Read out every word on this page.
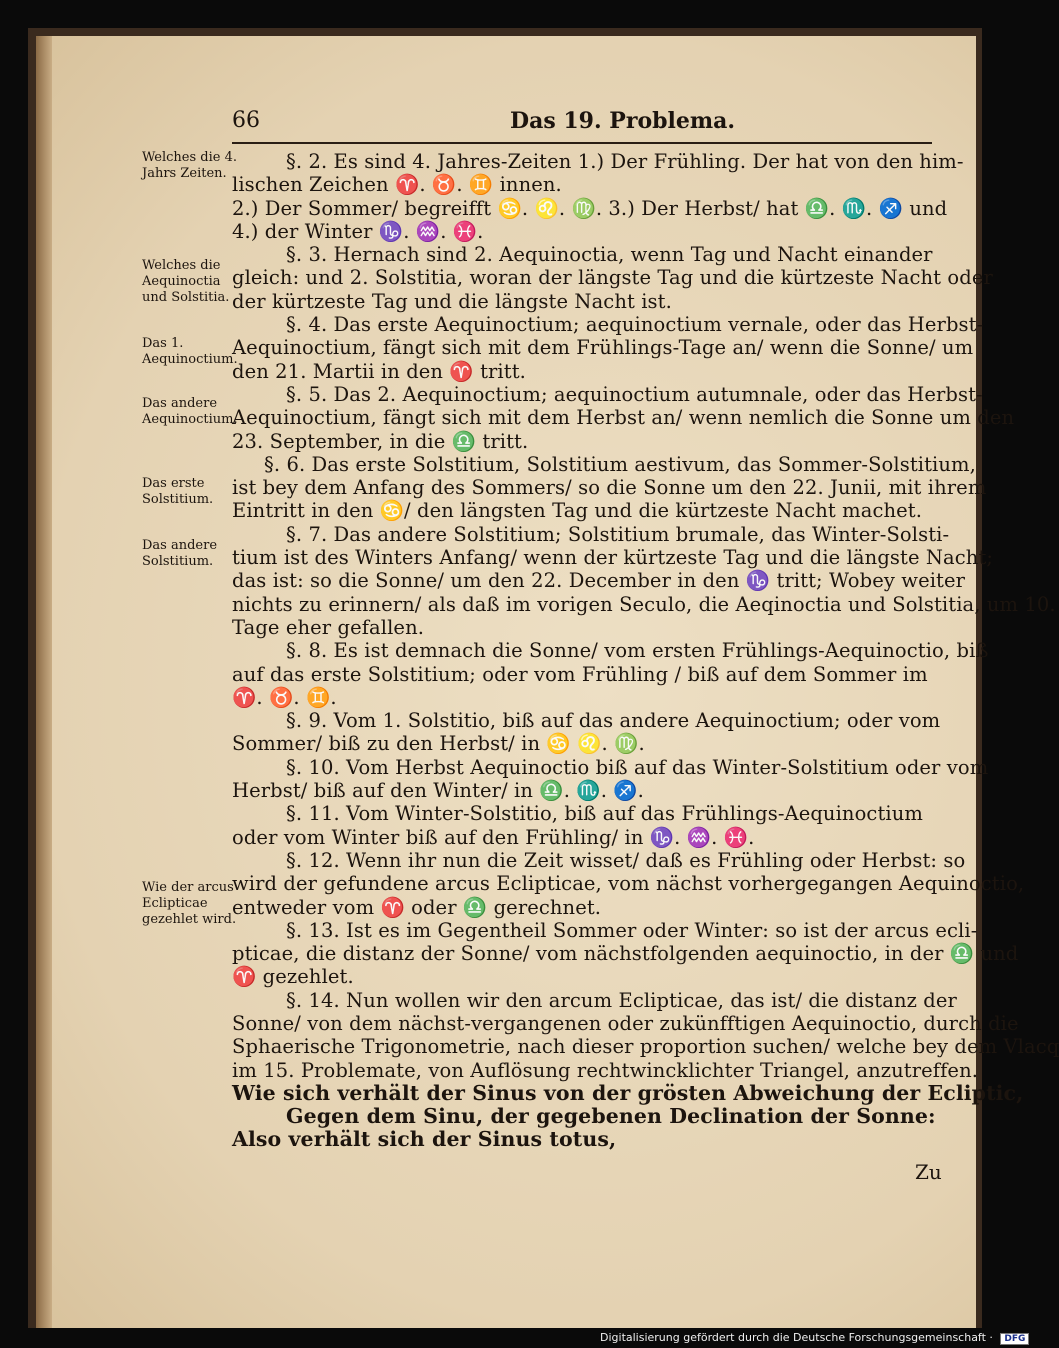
66	Das 19. Problema.
Welches die 4. Jahrs Zeiten.
Welches die Aequinoctia und Solstitia.
Das 1. Aequinoctium.
Das andere Aequinoctium.
Das erste Solstitium.
Das andere Solstitium.
Wie der arcus Eclipticae gezehlet wird.
§. 2. Es sind 4. Jahres-Zeiten 1.) Der Frühling. Der hat von den him-
lischen Zeichen ♈. ♉. ♊ innen.
2.) Der Sommer/ begreifft ♋. ♌. ♍. 3.) Der Herbst/ hat ♎. ♏. ♐ und
4.) der Winter ♑. ♒. ♓.
§. 3. Hernach sind 2. Aequinoctia, wenn Tag und Nacht einander
gleich: und 2. Solstitia, woran der längste Tag und die kürtzeste Nacht oder
der kürtzeste Tag und die längste Nacht ist.
§. 4. Das erste Aequinoctium; aequinoctium vernale, oder das Herbst-
Aequinoctium, fängt sich mit dem Frühlings-Tage an/ wenn die Sonne/ um
den 21. Martii in den ♈ tritt.
§. 5. Das 2. Aequinoctium; aequinoctium autumnale, oder das Herbst-
Aequinoctium, fängt sich mit dem Herbst an/ wenn nemlich die Sonne um den
23. September, in die ♎ tritt.
§. 6. Das erste Solstitium, Solstitium aestivum, das Sommer-Solstitium,
ist bey dem Anfang des Sommers/ so die Sonne um den 22. Junii, mit ihrem
Eintritt in den ♋/ den längsten Tag und die kürtzeste Nacht machet.
§. 7. Das andere Solstitium; Solstitium brumale, das Winter-Solsti-
tium ist des Winters Anfang/ wenn der kürtzeste Tag und die längste Nacht;
das ist: so die Sonne/ um den 22. December in den ♑ tritt; Wobey weiter
nichts zu erinnern/ als daß im vorigen Seculo, die Aeqinoctia und Solstitia, um 10.
Tage eher gefallen.
§. 8. Es ist demnach die Sonne/ vom ersten Frühlings-Aequinoctio, biß
auf das erste Solstitium; oder vom Frühling / biß auf dem Sommer im
♈. ♉. ♊.
§. 9. Vom 1. Solstitio, biß auf das andere Aequinoctium; oder vom
Sommer/ biß zu den Herbst/ in ♋ ♌. ♍.
§. 10. Vom Herbst Aequinoctio biß auf das Winter-Solstitium oder vom
Herbst/ biß auf den Winter/ in ♎. ♏. ♐.
§. 11. Vom Winter-Solstitio, biß auf das Frühlings-Aequinoctium
oder vom Winter biß auf den Frühling/ in ♑. ♒. ♓.
§. 12. Wenn ihr nun die Zeit wisset/ daß es Frühling oder Herbst: so
wird der gefundene arcus Eclipticae, vom nächst vorhergegangen Aequinoctio,
entweder vom ♈ oder ♎ gerechnet.
§. 13. Ist es im Gegentheil Sommer oder Winter: so ist der arcus ecli-
pticae, die distanz der Sonne/ vom nächstfolgenden aequinoctio, in der ♎ und
♈ gezehlet.
§. 14. Nun wollen wir den arcum Eclipticae, das ist/ die distanz der
Sonne/ von dem nächst-vergangenen oder zukünfftigen Aequinoctio, durch die
Sphaerische Trigonometrie, nach dieser proportion suchen/ welche bey dem Vlacq
im 15. Problemate, von Auflösung rechtwincklichter Triangel, anzutreffen.
Wie sich verhält der Sinus von der grösten Abweichung der Ecliptic,
Gegen dem Sinu, der gegebenen Declination der Sonne:
Also verhält sich der Sinus totus,
Zu
Digitalisierung gefördert durch die Deutsche Forschungsgemeinschaft · DFG
